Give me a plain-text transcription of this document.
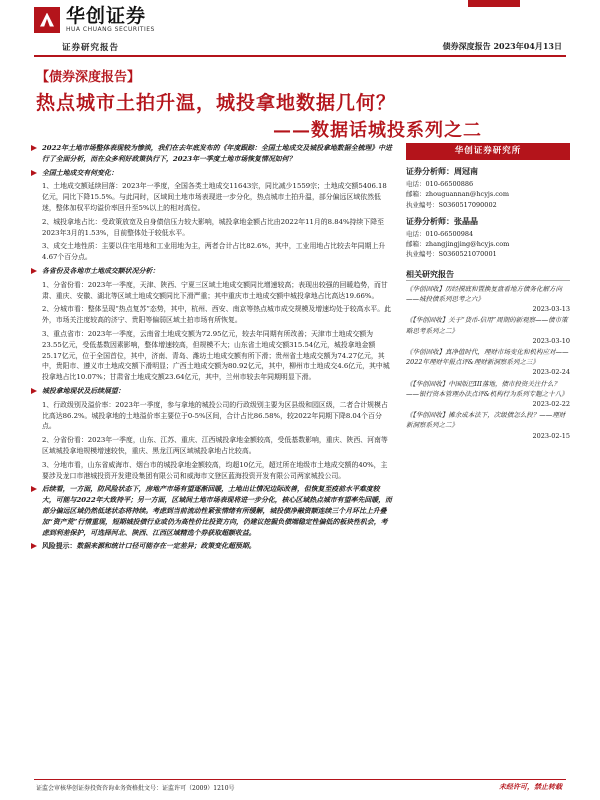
华创证券
HUA CHUANG SECURITIES
证券研究报告	债券深度报告 2023年04月13日
【债券深度报告】
热点城市土拍升温，城投拿地数据几何？
——数据话城投系列之二
2022年土地市场整体表现较为惨淡，我们在去年底发布的《年度跟踪：全国土地成交及城投拿地数据全梳理》中进行了全面分析，而在众多利好政策执行下，2023年一季度土地市场恢复情况如何？
全国土地成交有何变化：
1、土地成交额延续回落：2023年一季度，全国各类土地成交11643宗，同比减少1559宗；土地成交额5406.18亿元，同比下降15.5%。与此同时，区域间土地市场表现进一步分化，热点城市土拍升温，部分偏远区域依然低迷，整体加权平均溢价率回升至5%以上的相对高位。
2、城投拿地占比：受政策放宽及自身债信压力较大影响，城投拿地金额占比由2022年11月的8.84%持续下降至2023年3月的1.53%，目前整体处于较低水平。
3、成交土地性质：主要以住宅用地和工业用地为主，两者合计占比82.6%，其中，工业用地占比较去年同期上升4.67个百分点。
各省份及各地市土地成交额状况分析：
1、分省份看：2023年一季度，天津、陕西、宁夏三区域土地成交额同比增速较高；表现出较强的回暖趋势，而甘肃、重庆、安徽、湖北等区域土地成交额同比下滑严重；其中重庆市土地成交额中城投拿地占比高达19.66%。
2、分城市看：整体呈现“热点复苏”态势，其中，杭州、西安、南京等热点城市成交规模及增速均处于较高水平。此外，市场关注度较高的济宁、贵阳等偏弱区域土拍市场有所恢复。
3、重点省市：2023年一季度，云南省土地成交额为72.95亿元，较去年同期有所改善；天津市土地成交额为23.55亿元，受低基数因素影响，整体增速较高，但规模不大；山东省土地成交额315.54亿元，城投拿地金额25.17亿元，位于全国首位，其中，济南、青岛、潍坊土地成交额有所下滑；贵州省土地成交额为74.27亿元，其中，贵阳市、遵义市土地成交额下滑明显；广西土地成交额为80.92亿元，其中，柳州市土地成交4.6亿元，其中城投拿地占比10.07%；甘肃省土地成交额23.64亿元，其中，兰州市较去年同期明显下滑。
城投拿地现状及后续展望：
1、行政级别及溢价率：2023年一季度，参与拿地的城投公司的行政级别主要为区县级和园区级，二者合计规模占比高达86.2%。城投拿地的土地溢价率主要位于0-5%区间，合计占比86.58%，较2022年同期下降8.04个百分点。
2、分省份看：2023年一季度，山东、江苏、重庆、江西城投拿地金额较高，受低基数影响，重庆、陕西、河南等区域城投拿地规模增速较快，重庆、黑龙江两区域城投拿地占比较高。
3、分地市看，山东省威海市、烟台市的城投拿地金额较高，均超10亿元，超过所在地级市土地成交额的40%，主要涉及龙口市港城投资开发建设集团有限公司和威海市文登区蓝海投资开发有限公司两家城投公司。
后续看，一方面，防风险状态下，房地产市场有望逐渐回暖，土地出让情况边际改善，但恢复至疫前水平难度较大，可能与2022年大致持平；另一方面，区域间土地市场表现将进一步分化，核心区域热点城市有望率先回暖，而部分偏远区域仍然低迷状态将持续。考虑到当前流动性紧张情绪有所缓解，城投债净融资额连续三个月环比上升叠加“资产荒”行情重现，短期城投债行业或仍为高性价比投资方向，仍建议挖掘负债端稳定性偏低的板块性机会，考虑到利差保护，可选择河北、陕西、江西区域精选个券获取超额收益。
风险提示：数据来源和统计口径可能存在一定差异；政策变化超预期。
华创证券研究所
证券分析师：周冠南
电话：010-66500886
邮箱：zhouguannan@hcyjs.com
执业编号：S0360517090002
证券分析师：张晶晶
电话：010-66500984
邮箱：zhangjingjing@hcyjs.com
执业编号：S0360521070001
相关研究报告
《华创固收】历经摸底和置换复盘看地方债务化解方向——城投债系列思考之六》
2023-03-13
《【华创固收】关于“货币-信用”周期的新观察——债市策略思考系列之二》
2023-03-10
《华创固收】真净值时代，理财市场变化和机构应对——2022年理财年报点评&理财新洞察系列之三》
2023-02-24
《【华创固收】中国版巴III落地，债市投资关注什么？——银行资本管理办法点评&机构行为系列专题之十八》
2023-02-22
《【华创固收】摊余成本法下，次级债怎么投？——理财新洞察系列之二》
2023-02-15
证监会审核华创证券投资咨询业务资格批文号：证监许可（2009）1210号	未经许可，禁止转载
